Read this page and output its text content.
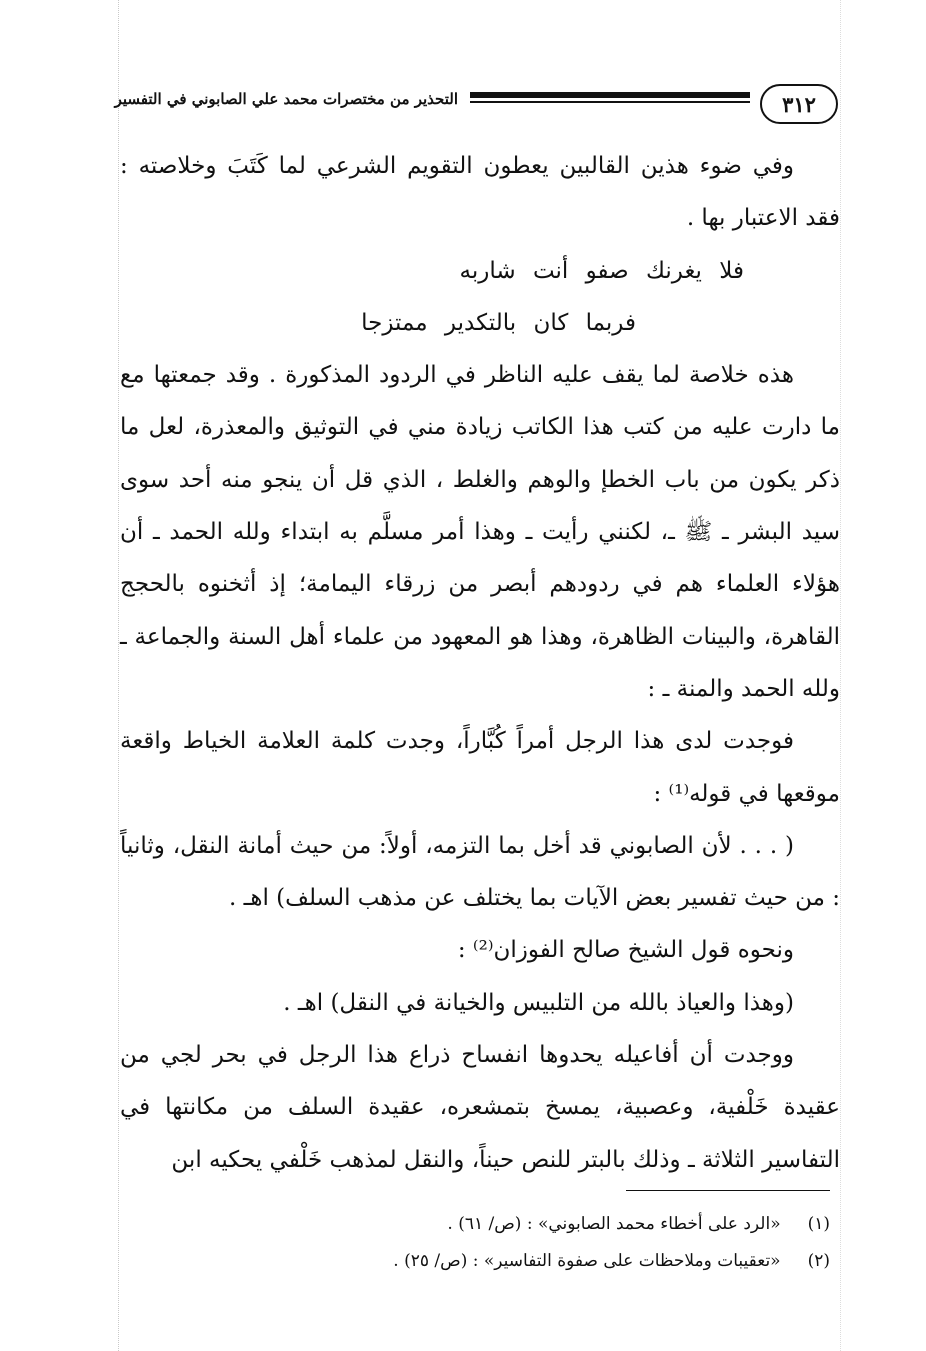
٣١٢
التحذير من مختصرات محمد علي الصابوني في التفسير

وفي ضوء هذين القالبين يعطون التقويم الشرعي لما كَتَبَ وخلاصته : فقد الاعتبار بها .

فلا يغرنك صفو أنت شاربه

فربما كان بالتكدير ممتزجا

هذه خلاصة لما يقف عليه الناظر في الردود المذكورة . وقد جمعتها مع ما دارت عليه من كتب هذا الكاتب زيادة مني في التوثيق والمعذرة، لعل ما ذكر يكون من باب الخطإ والوهم والغلط ، الذي قل أن ينجو منه أحد سوى سيد البشر ـ ﷺ ـ، لكنني رأيت ـ وهذا أمر مسلَّم به ابتداء ولله الحمد ـ أن هؤلاء العلماء هم في ردودهم أبصر من زرقاء اليمامة؛ إذ أثخنوه بالحجج القاهرة، والبينات الظاهرة، وهذا هو المعهود من علماء أهل السنة والجماعة ـ ولله الحمد والمنة ـ :

فوجدت لدى هذا الرجل أمراً كُبَّاراً، وجدت كلمة العلامة الخياط واقعة موقعها في قوله⁽¹⁾ :

( . . . لأن الصابوني قد أخل بما التزمه، أولاً: من حيث أمانة النقل، وثانياً : من حيث تفسير بعض الآيات بما يختلف عن مذهب السلف) اهـ .

ونحوه قول الشيخ صالح الفوزان⁽²⁾ :

(وهذا والعياذ بالله من التلبيس والخيانة في النقل) اهـ .

ووجدت أن أفاعيله يحدوها انفساح ذراع هذا الرجل في بحر لجي من عقيدة خَلْفية، وعصبية، يمسخ بتمشعره، عقيدة السلف من مكانتها في التفاسير الثلاثة ـ وذلك بالبتر للنص حيناً، والنقل لمذهب خَلْفي يحكيه ابن

(١) «الرد على أخطاء محمد الصابوني» : (ص/ ٦١) .
(٢) «تعقيبات وملاحظات على صفوة التفاسير» : (ص/ ٢٥) .
